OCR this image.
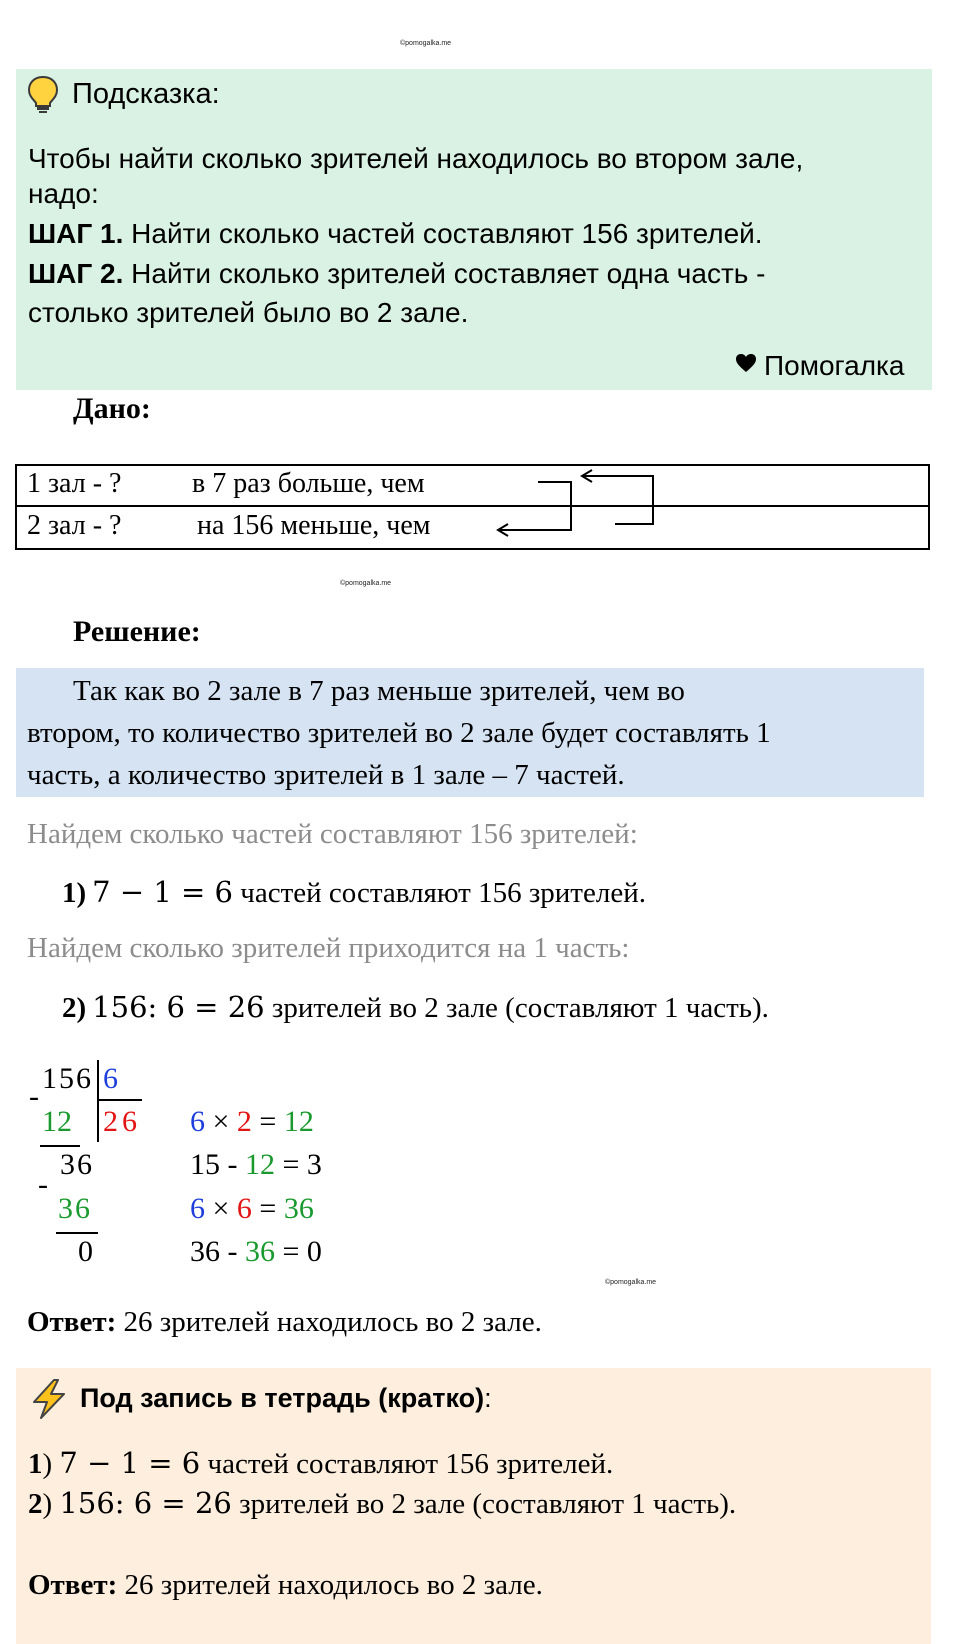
©pomogalka.me
Подсказка:
Чтобы найти сколько зрителей находилось во втором зале,
надо:
ШАГ 1. Найти сколько частей составляют 156 зрителей.
ШАГ 2. Найти сколько зрителей составляет одна часть -
столько зрителей было во 2 зале.
Помогалка
Дано:
1 зал - ?	в 7 раз больше, чем
2 зал - ?	на 156 меньше, чем
©pomogalka.me
Решение:
Так как во 2 зале в 7 раз меньше зрителей, чем во
втором, то количество зрителей во 2 зале будет составлять 1
часть, а количество зрителей в 1 зале – 7 частей.
Найдем сколько частей составляют 156 зрителей:
1) 7 − 1 = 6 частей составляют 156 зрителей.
Найдем сколько зрителей приходится на 1 часть:
2) 156: 6 = 26 зрителей во 2 зале (составляют 1 часть).
156 6
-
12 26
36
-
36
0
6 × 2 = 12
15 - 12 = 3
6 × 6 = 36
36 - 36 = 0
©pomogalka.me
Ответ: 26 зрителей находилось во 2 зале.
Под запись в тетрадь (кратко):
1) 7 − 1 = 6 частей составляют 156 зрителей.
2) 156: 6 = 26 зрителей во 2 зале (составляют 1 часть).
Ответ: 26 зрителей находилось во 2 зале.
